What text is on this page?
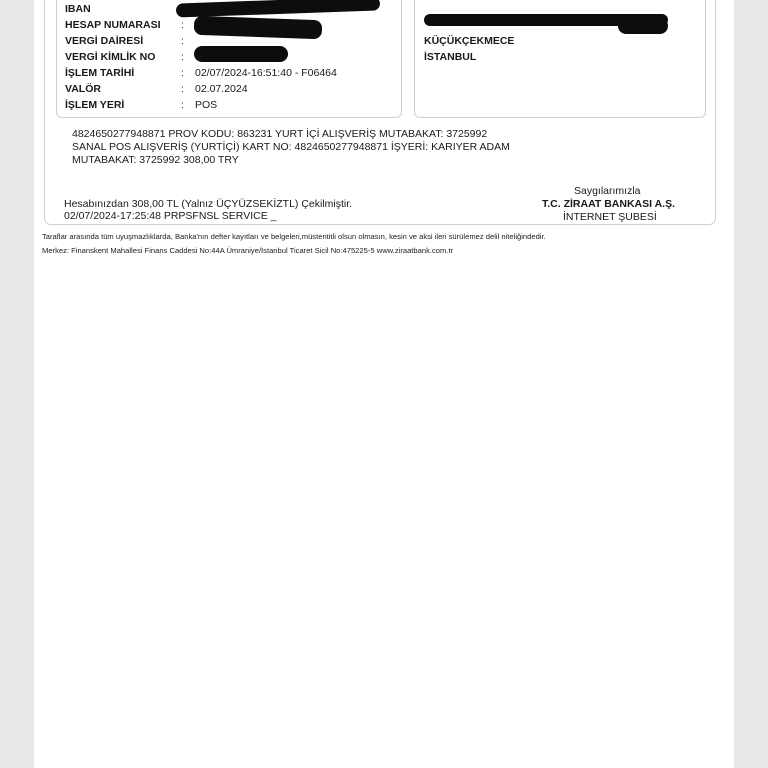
IBAN
HESAP NUMARASI
VERGİ DAİRESİ
VERGİ KİMLİK NO
İŞLEM TARİHİ
VALÖR
İŞLEM YERİ
:
:
:
:
:
:
02/07/2024-16:51:40 - F06464
02.07.2024
POS
KÜÇÜKÇEKMECE
İSTANBUL
4824650277948871 PROV KODU: 863231 YURT İÇİ ALIŞVERİŞ MUTABAKAT: 3725992
SANAL POS ALIŞVERİŞ (YURTİÇİ) KART NO: 4824650277948871 İŞYERİ: KARIYER ADAM
MUTABAKAT: 3725992 308,00 TRY
Hesabınızdan 308,00 TL (Yalnız ÜÇYÜZSEKİZTL) Çekilmiştir.
02/07/2024-17:25:48 PRPSFNSL SERVICE _
Saygılarımızla
T.C. ZİRAAT BANKASI A.Ş.
İNTERNET ŞUBESİ
Taraflar arasında tüm uyuşmazlıklarda, Banka'nın defter kayıtları ve belgeleri,müstentitli olsun olmasın, kesin ve aksi ileri sürülemez delil niteliğindedir.
Merkez: Finanskent Mahallesi Finans Caddesi No:44A Ümraniye/İstanbul Ticaret Sicil No:475225-5 www.ziraatbank.com.tr
